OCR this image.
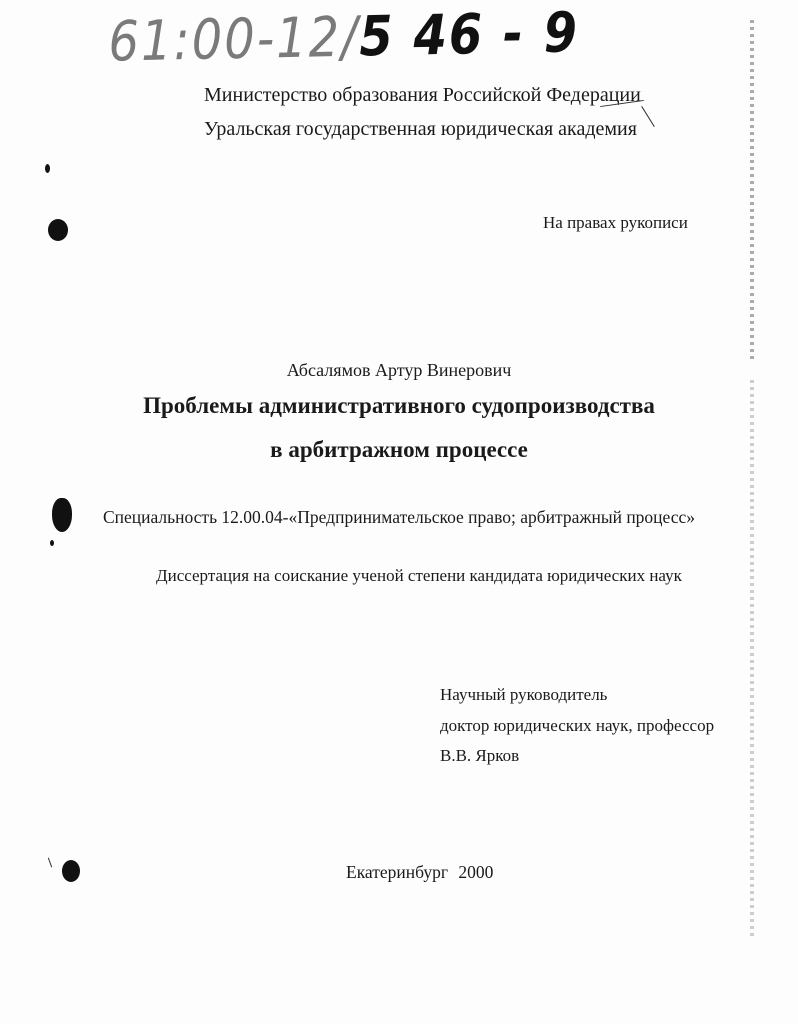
61:00-12/5 46 - 9
Министерство образования Российской Федерации
Уральская государственная юридическая академия
На правах рукописи
Абсалямов Артур Винерович
Проблемы административного судопроизводства
в арбитражном процессе
Специальность 12.00.04-«Предпринимательское право; арбитражный процесс»
Диссертация на соискание ученой степени кандидата юридических наук
Научный руководитель
доктор юридических наук, профессор
В.В. Ярков
Екатеринбург 2000
